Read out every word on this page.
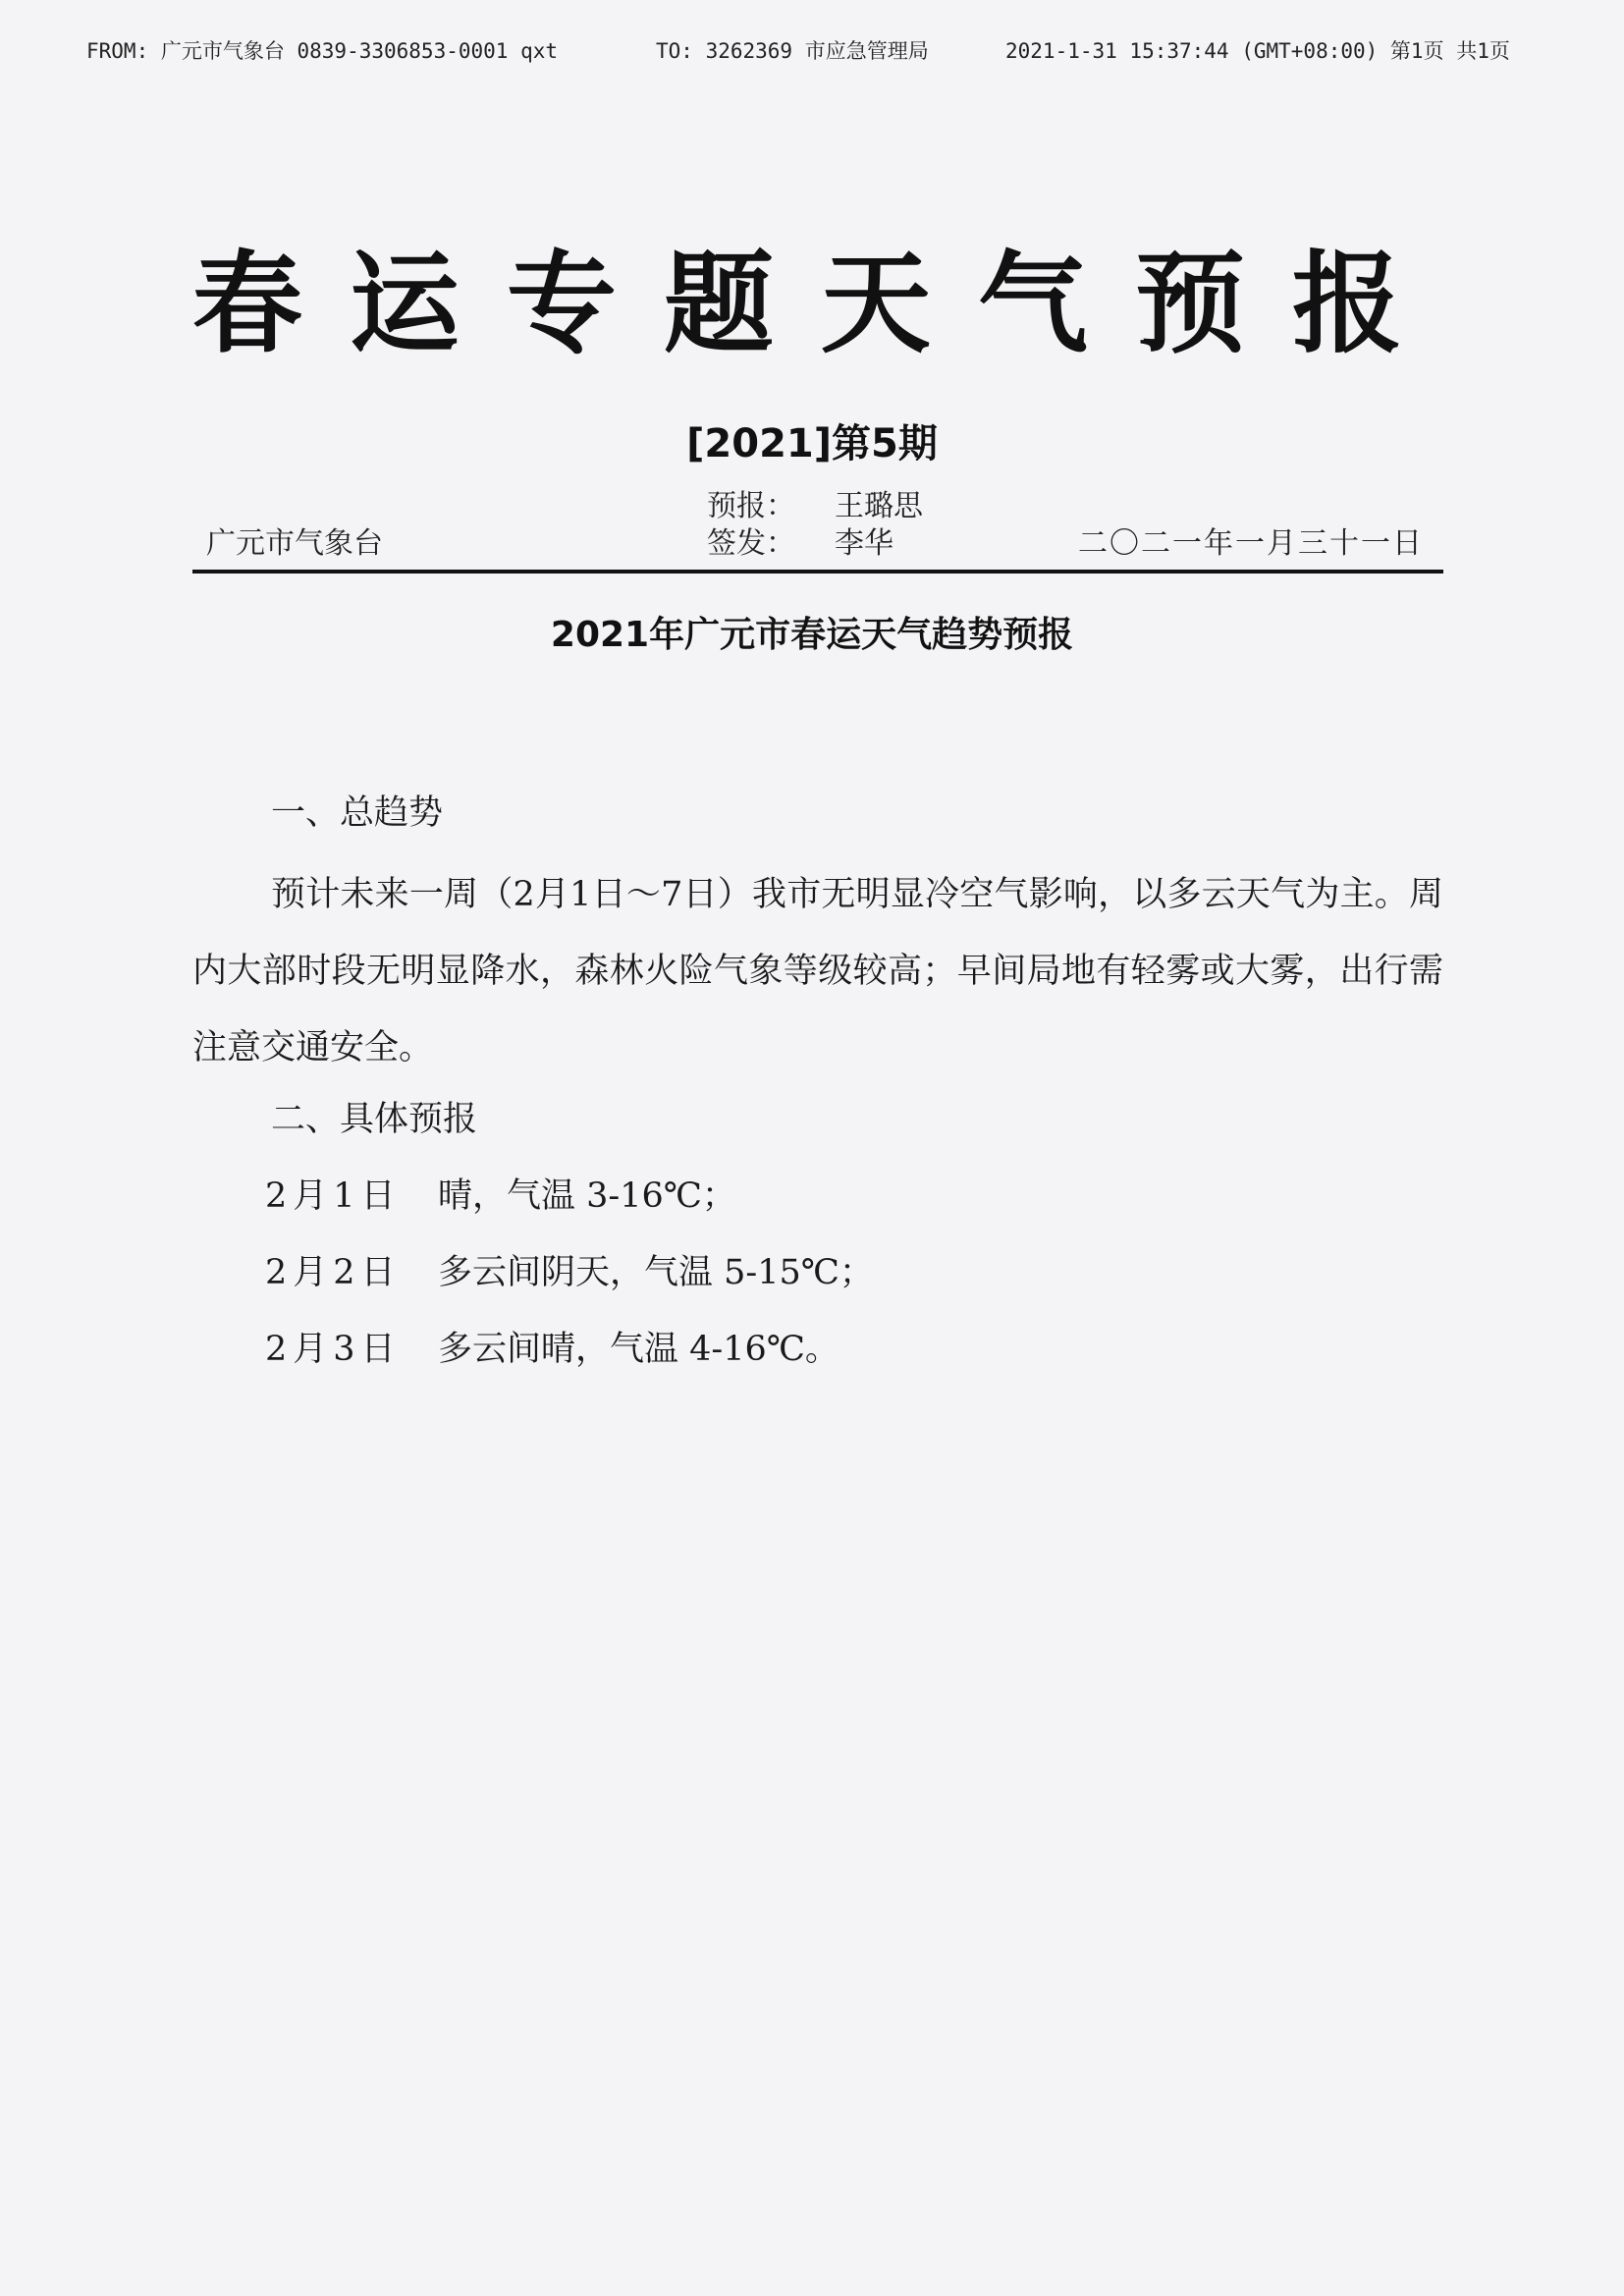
FROM: 广元市气象台 0839-3306853-0001 qxt	TO: 3262369 市应急管理局	2021-1-31 15:37:44 (GMT+08:00) 第1页 共1页
春运专题天气预报
[2021]第5期
广元市气象台
预报： 王璐思
签发： 李华	二〇二一年一月三十一日
2021年广元市春运天气趋势预报
一、总趋势

预计未来一周（2月1日～7日）我市无明显冷空气影响，以多云天气为主。周内大部时段无明显降水，森林火险气象等级较高；早间局地有轻雾或大雾，出行需注意交通安全。

二、具体预报
2月1日 晴，气温 3-16℃；
2月2日 多云间阴天，气温 5-15℃；
2月3日 多云间晴，气温 4-16℃。
